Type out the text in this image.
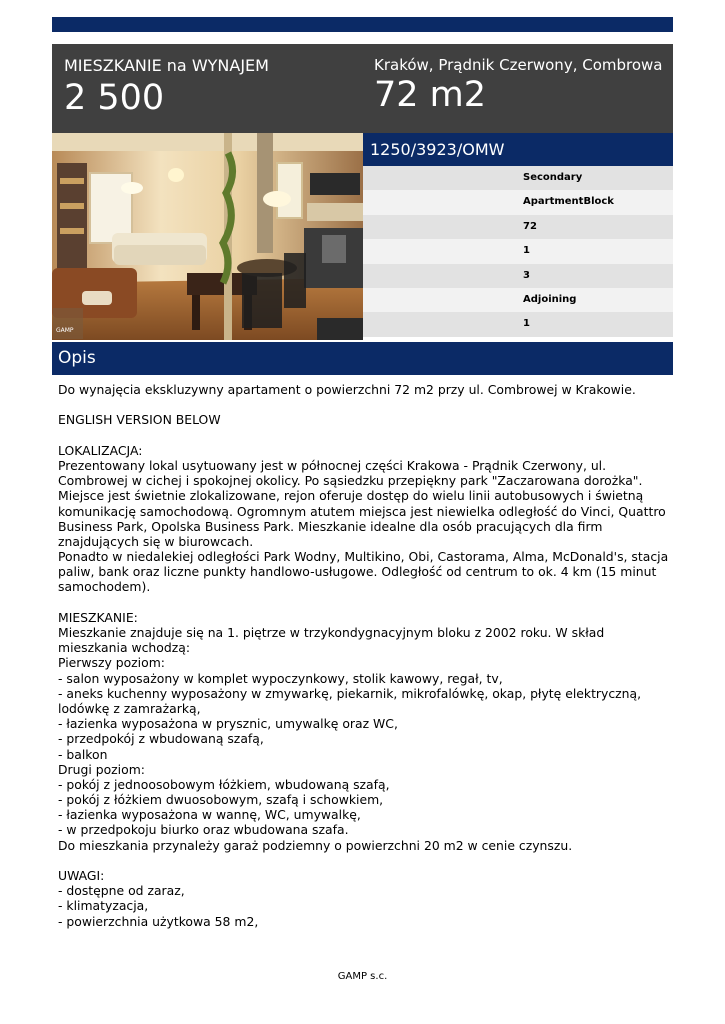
MIESZKANIE na WYNAJEM
2 500
Kraków, Prądnik Czerwony, Combrowa
72 m2
GAMP
1250/3923/OMW
Secondary
ApartmentBlock
72
1
3
Adjoining
1
Opis
Do wynajęcia ekskluzywny apartament o powierzchni 72 m2 przy ul. Combrowej w Krakowie.
ENGLISH VERSION BELOW
LOKALIZACJA:
Prezentowany lokal usytuowany jest w północnej części Krakowa - Prądnik Czerwony, ul.
Combrowej w cichej i spokojnej okolicy. Po sąsiedzku przepiękny park "Zaczarowana dorożka".
Miejsce jest świetnie zlokalizowane, rejon oferuje dostęp do wielu linii autobusowych i świetną
komunikację samochodową. Ogromnym atutem miejsca jest niewielka odległość do Vinci, Quattro
Business Park, Opolska Business Park. Mieszkanie idealne dla osób pracujących dla firm
znajdujących się w biurowcach.
Ponadto w niedalekiej odległości Park Wodny, Multikino, Obi, Castorama, Alma, McDonald's, stacja
paliw, bank oraz liczne punkty handlowo-usługowe. Odległość od centrum to ok. 4 km (15 minut
samochodem).
MIESZKANIE:
Mieszkanie znajduje się na 1. piętrze w trzykondygnacyjnym bloku z 2002 roku. W skład
mieszkania wchodzą:
Pierwszy poziom:
- salon wyposażony w komplet wypoczynkowy, stolik kawowy, regał, tv,
- aneks kuchenny wyposażony w zmywarkę, piekarnik, mikrofalówkę, okap, płytę elektryczną,
lodówkę z zamrażarką,
- łazienka wyposażona w prysznic, umywalkę oraz WC,
- przedpokój z wbudowaną szafą,
- balkon
Drugi poziom:
- pokój z jednoosobowym łóżkiem, wbudowaną szafą,
- pokój z łóżkiem dwuosobowym, szafą i schowkiem,
- łazienka wyposażona w wannę, WC, umywalkę,
- w przedpokoju biurko oraz wbudowana szafa.
Do mieszkania przynależy garaż podziemny o powierzchni 20 m2 w cenie czynszu.
UWAGI:
- dostępne od zaraz,
- klimatyzacja,
- powierzchnia użytkowa 58 m2,
GAMP s.c.
